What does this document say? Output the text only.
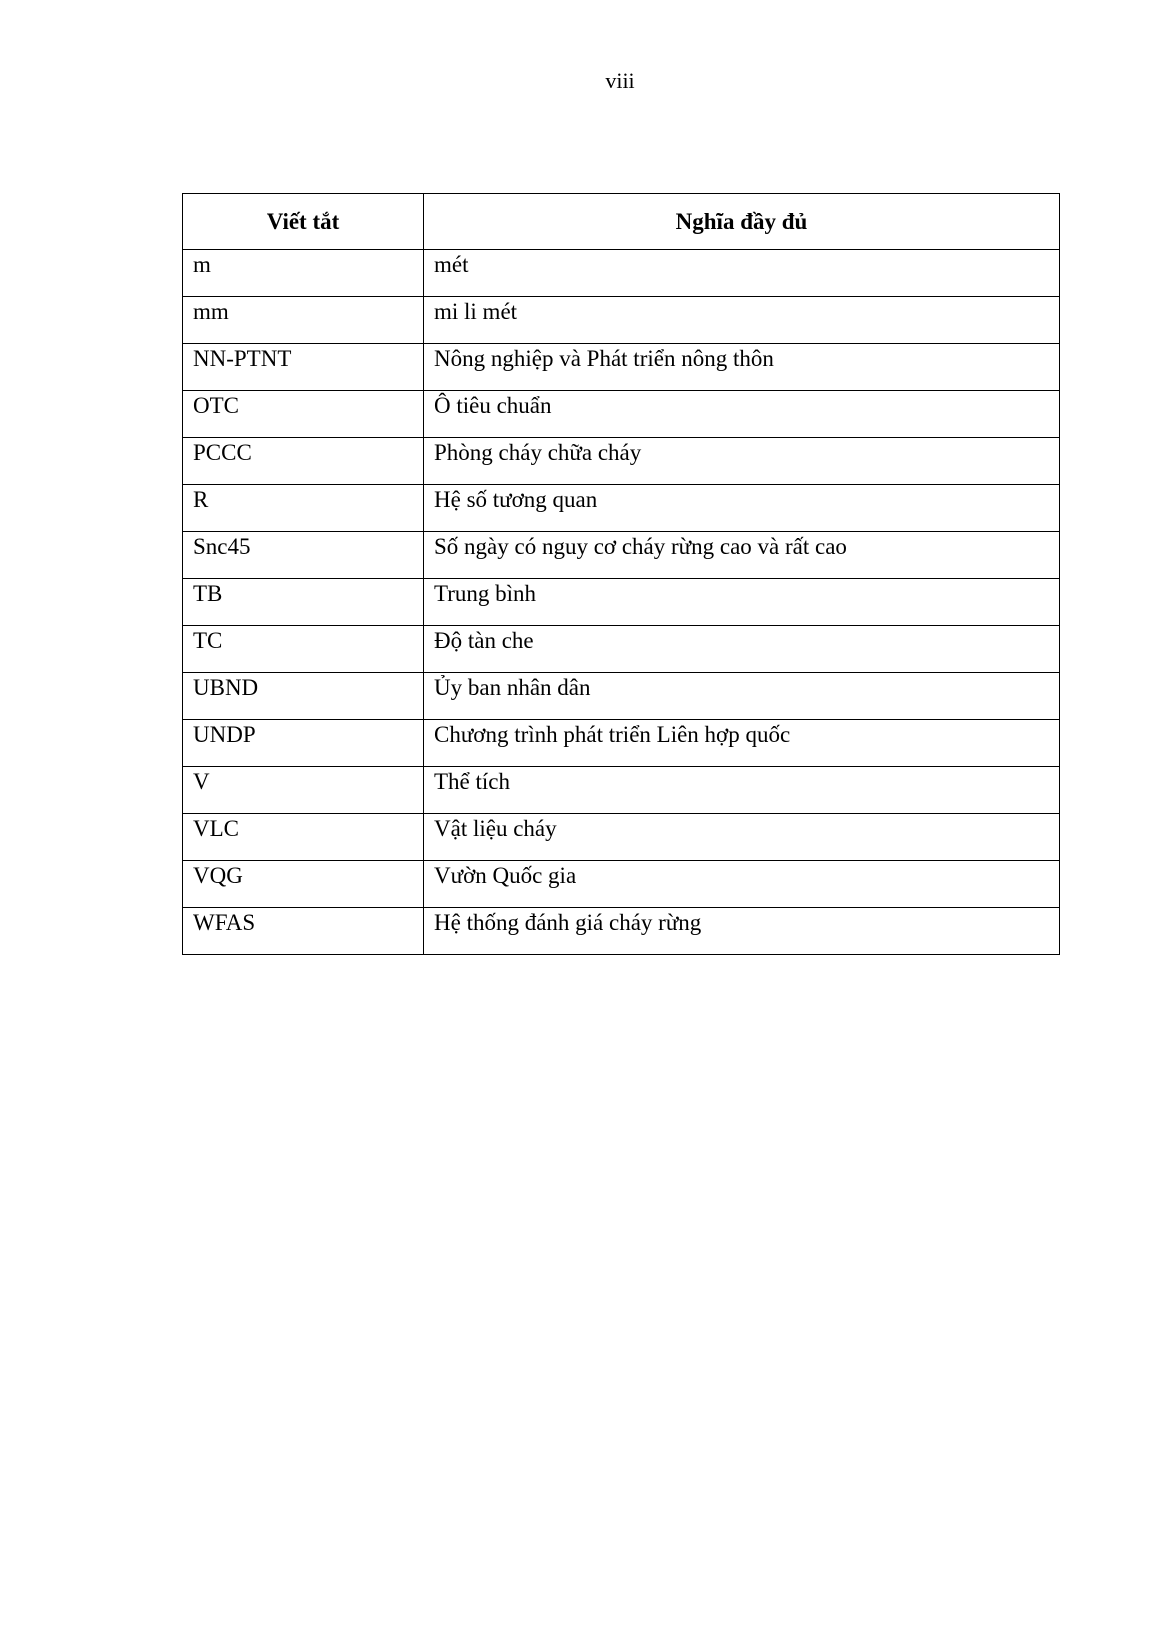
viii
Viết tắt	Nghĩa đầy đủ
m	mét
mm	mi li mét
NN-PTNT	Nông nghiệp và Phát triển nông thôn
OTC	Ô tiêu chuẩn
PCCC	Phòng cháy chữa cháy
R	Hệ số tương quan
Snc45	Số ngày có nguy cơ cháy rừng cao và rất cao
TB	Trung bình
TC	Độ tàn che
UBND	Ủy ban nhân dân
UNDP	Chương trình phát triển Liên hợp quốc
V	Thể tích
VLC	Vật liệu cháy
VQG	Vườn Quốc gia
WFAS	Hệ thống đánh giá cháy rừng
